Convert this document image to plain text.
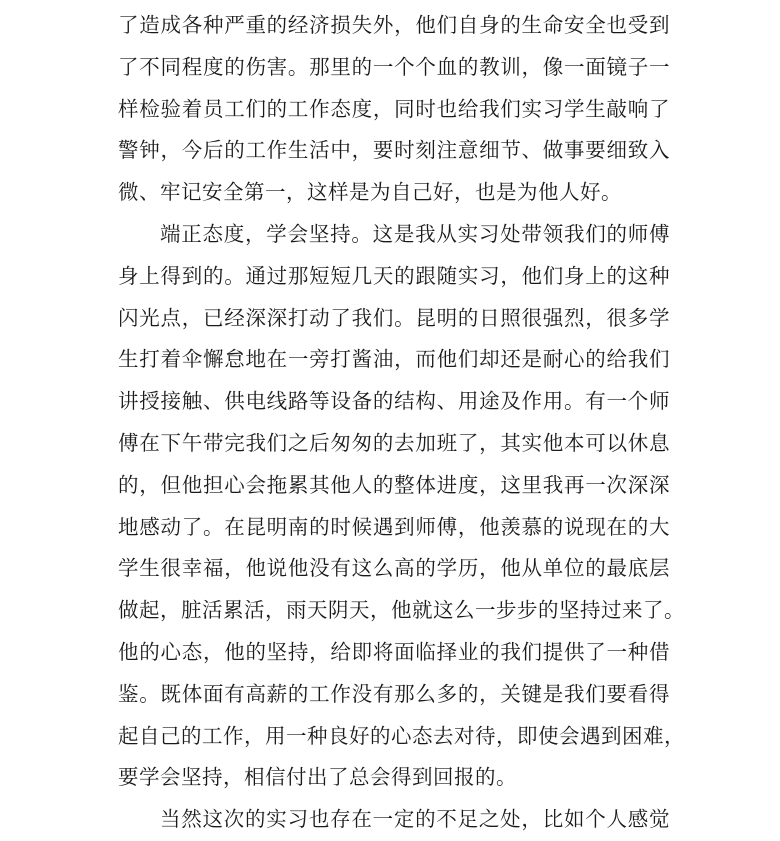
了造成各种严重的经济损失外，他们自身的生命安全也受到
了不同程度的伤害。那里的一个个血的教训，像一面镜子一
样检验着员工们的工作态度，同时也给我们实习学生敲响了
警钟，今后的工作生活中，要时刻注意细节、做事要细致入
微、牢记安全第一，这样是为自己好，也是为他人好。
端正态度，学会坚持。这是我从实习处带领我们的师傅
身上得到的。通过那短短几天的跟随实习，他们身上的这种
闪光点，已经深深打动了我们。昆明的日照很强烈，很多学
生打着伞懈怠地在一旁打酱油，而他们却还是耐心的给我们
讲授接触、供电线路等设备的结构、用途及作用。有一个师
傅在下午带完我们之后匆匆的去加班了，其实他本可以休息
的，但他担心会拖累其他人的整体进度，这里我再一次深深
地感动了。在昆明南的时候遇到师傅，他羡慕的说现在的大
学生很幸福，他说他没有这么高的学历，他从单位的最底层
做起，脏活累活，雨天阴天，他就这么一步步的坚持过来了。
他的心态，他的坚持，给即将面临择业的我们提供了一种借
鉴。既体面有高薪的工作没有那么多的，关键是我们要看得
起自己的工作，用一种良好的心态去对待，即使会遇到困难，
要学会坚持，相信付出了总会得到回报的。
当然这次的实习也存在一定的不足之处，比如个人感觉
